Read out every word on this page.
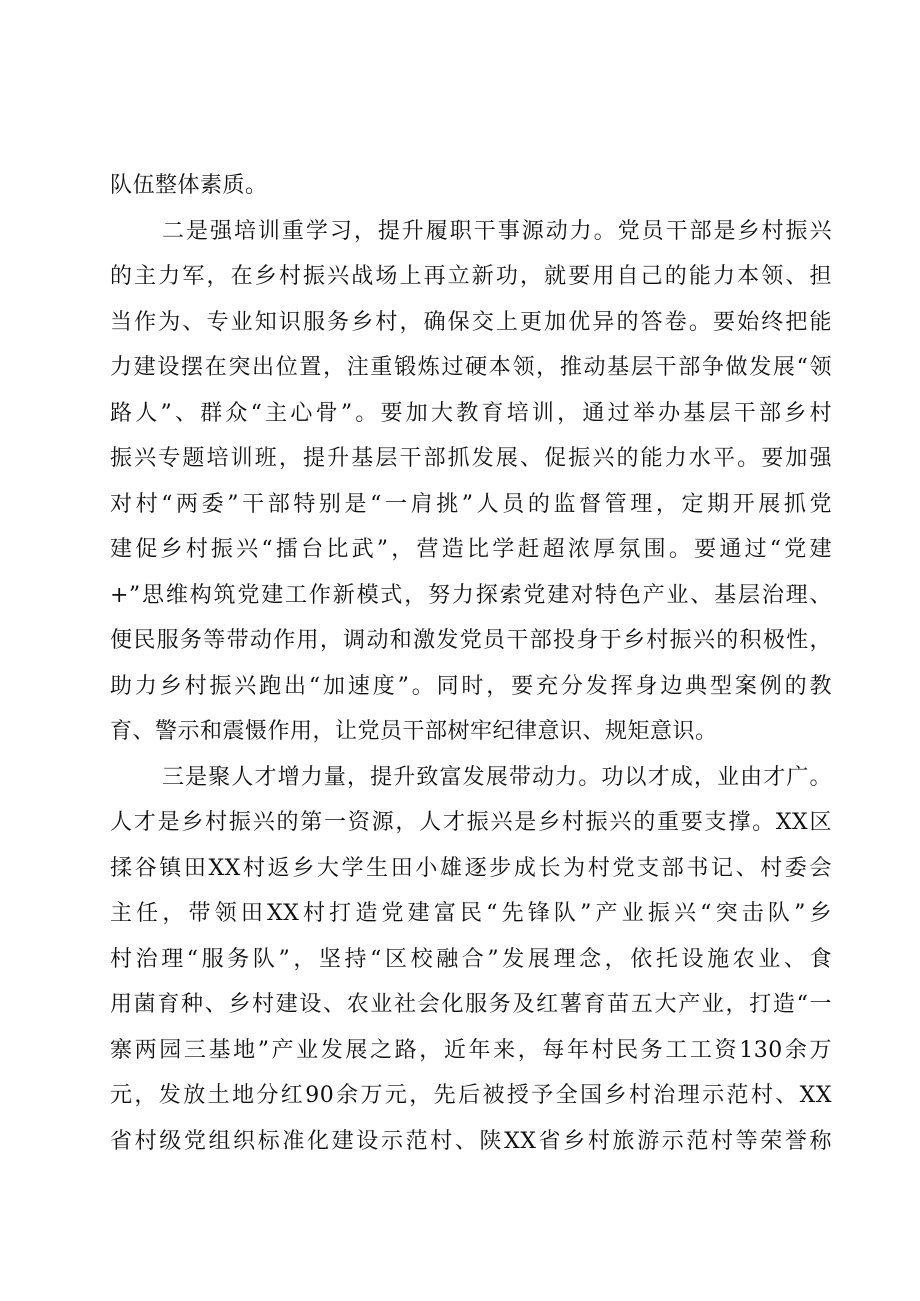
队伍整体素质。
二是强培训重学习，提升履职干事源动力。党员干部是乡村振兴
的主力军，在乡村振兴战场上再立新功，就要用自己的能力本领、担
当作为、专业知识服务乡村，确保交上更加优异的答卷。要始终把能
力建设摆在突出位置，注重锻炼过硬本领，推动基层干部争做发展“领
路人”、群众“主心骨”。要加大教育培训，通过举办基层干部乡村
振兴专题培训班，提升基层干部抓发展、促振兴的能力水平。要加强
对村“两委”干部特别是“一肩挑”人员的监督管理，定期开展抓党
建促乡村振兴“擂台比武”，营造比学赶超浓厚氛围。要通过“党建
+”思维构筑党建工作新模式，努力探索党建对特色产业、基层治理、
便民服务等带动作用，调动和激发党员干部投身于乡村振兴的积极性，
助力乡村振兴跑出“加速度”。同时，要充分发挥身边典型案例的教
育、警示和震慑作用，让党员干部树牢纪律意识、规矩意识。
三是聚人才增力量，提升致富发展带动力。功以才成，业由才广。
人才是乡村振兴的第一资源，人才振兴是乡村振兴的重要支撑。XX区
揉谷镇田XX村返乡大学生田小雄逐步成长为村党支部书记、村委会
主任，带领田XX村打造党建富民“先锋队”产业振兴“突击队”乡
村治理“服务队”，坚持“区校融合”发展理念，依托设施农业、食
用菌育种、乡村建设、农业社会化服务及红薯育苗五大产业，打造“一
寨两园三基地”产业发展之路，近年来，每年村民务工工资130余万
元，发放土地分红90余万元，先后被授予全国乡村治理示范村、XX
省村级党组织标准化建设示范村、陕XX省乡村旅游示范村等荣誉称
